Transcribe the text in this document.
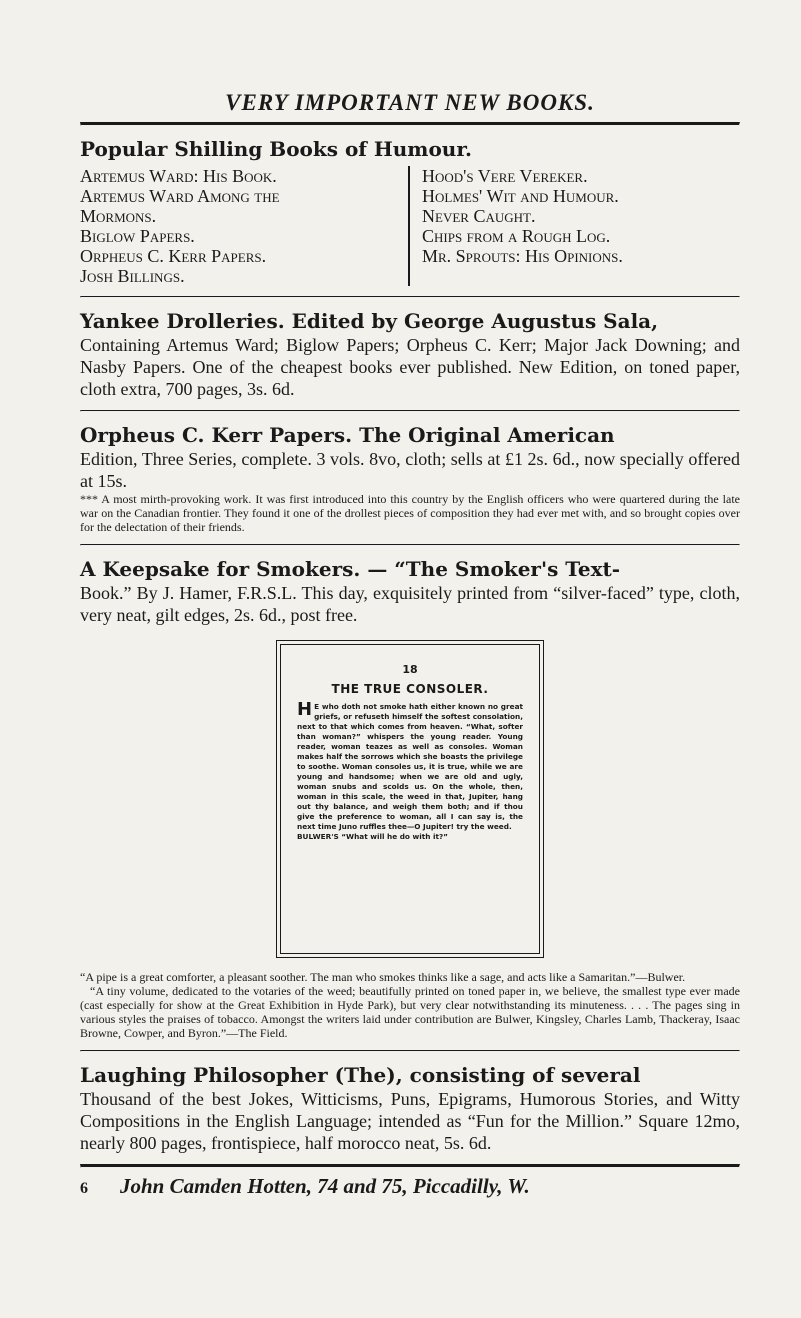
VERY IMPORTANT NEW BOOKS.
Popular Shilling Books of Humour.
Artemus Ward: His Book.
Artemus Ward Among the
Mormons.
Biglow Papers.
Orpheus C. Kerr Papers.
Josh Billings.
Hood's Vere Vereker.
Holmes' Wit and Humour.
Never Caught.
Chips from a Rough Log.
Mr. Sprouts: His Opinions.
Yankee Drolleries. Edited by George Augustus Sala,

Containing Artemus Ward; Biglow Papers; Orpheus C. Kerr; Major Jack Downing; and Nasby Papers. One of the cheapest books ever published. New Edition, on toned paper, cloth extra, 700 pages, 3s. 6d.

Orpheus C. Kerr Papers. The Original American

Edition, Three Series, complete. 3 vols. 8vo, cloth; sells at £1 2s. 6d., now specially offered at 15s.

*** A most mirth-provoking work. It was first introduced into this country by the English officers who were quartered during the late war on the Canadian frontier. They found it one of the drollest pieces of composition they had ever met with, and so brought copies over for the delectation of their friends.

A Keepsake for Smokers. — “The Smoker's Text-

Book.” By J. Hamer, F.R.S.L. This day, exquisitely printed from “silver-faced” type, cloth, very neat, gilt edges, 2s. 6d., post free.

18
THE TRUE CONSOLER.

H E who doth not smoke hath either known no great griefs, or refuseth himself the softest consolation, next to that which comes from heaven. “What, softer than woman?” whispers the young reader. Young reader, woman teazes as well as consoles. Woman makes half the sorrows which she boasts the privilege to soothe. Woman consoles us, it is true, while we are young and handsome; when we are old and ugly, woman snubs and scolds us. On the whole, then, woman in this scale, the weed in that, Jupiter, hang out thy balance, and weigh them both; and if thou give the preference to woman, all I can say is, the next time Juno ruffles thee—O Jupiter! try the weed.

BULWER'S “What will he do with it?”

“A pipe is a great comforter, a pleasant soother. The man who smokes thinks like a sage, and acts like a Samaritan.”—Bulwer.

“A tiny volume, dedicated to the votaries of the weed; beautifully printed on toned paper in, we believe, the smallest type ever made (cast especially for show at the Great Exhibition in Hyde Park), but very clear notwithstanding its minuteness. . . . The pages sing in various styles the praises of tobacco. Amongst the writers laid under contribution are Bulwer, Kingsley, Charles Lamb, Thackeray, Isaac Browne, Cowper, and Byron.”—The Field.

Laughing Philosopher (The), consisting of several

Thousand of the best Jokes, Witticisms, Puns, Epigrams, Humorous Stories, and Witty Compositions in the English Language; intended as “Fun for the Million.” Square 12mo, nearly 800 pages, frontispiece, half morocco neat, 5s. 6d.

6	John Camden Hotten, 74 and 75, Piccadilly, W.
